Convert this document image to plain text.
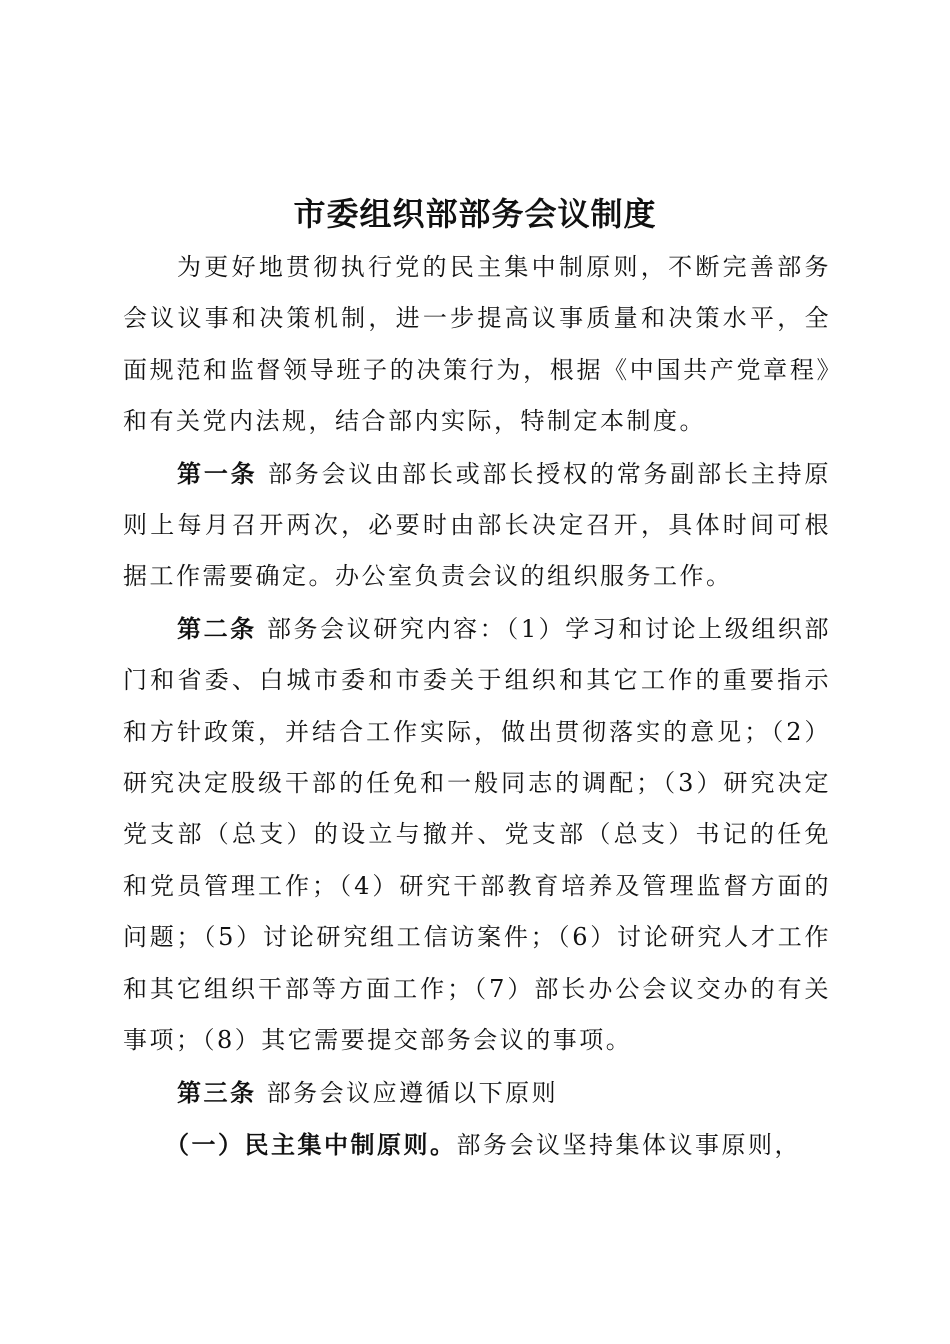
市委组织部部务会议制度

为更好地贯彻执行党的民主集中制原则，不断完善部务会议议事和决策机制，进一步提高议事质量和决策水平，全面规范和监督领导班子的决策行为，根据《中国共产党章程》和有关党内法规，结合部内实际，特制定本制度。

第一条 部务会议由部长或部长授权的常务副部长主持原则上每月召开两次，必要时由部长决定召开，具体时间可根据工作需要确定。办公室负责会议的组织服务工作。

第二条 部务会议研究内容：（1）学习和讨论上级组织部门和省委、白城市委和市委关于组织和其它工作的重要指示和方针政策，并结合工作实际，做出贯彻落实的意见；（2）研究决定股级干部的任免和一般同志的调配；（3）研究决定党支部（总支）的设立与撤并、党支部（总支）书记的任免和党员管理工作；（4）研究干部教育培养及管理监督方面的问题；（5）讨论研究组工信访案件；（6）讨论研究人才工作和其它组织干部等方面工作；（7）部长办公会议交办的有关事项；（8）其它需要提交部务会议的事项。

第三条 部务会议应遵循以下原则

（一）民主集中制原则。部务会议坚持集体议事原则，
